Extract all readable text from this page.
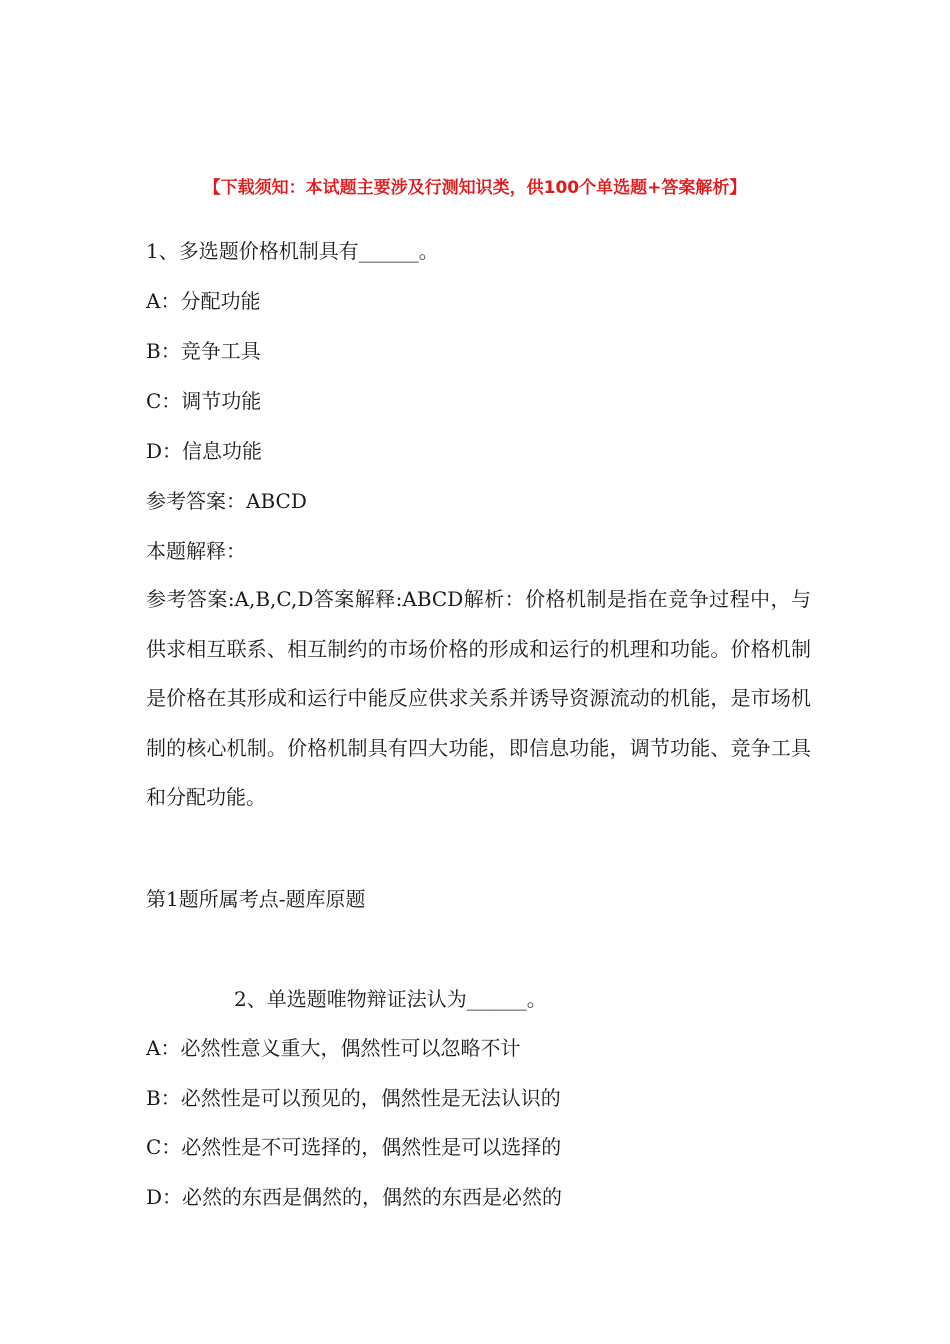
【下载须知：本试题主要涉及行测知识类，供100个单选题+答案解析】
1、多选题价格机制具有______。
A：分配功能
B：竞争工具
C：调节功能
D：信息功能
参考答案：ABCD
本题解释：
参考答案:A,B,C,D答案解释:ABCD解析：价格机制是指在竞争过程中，与供求相互联系、相互制约的市场价格的形成和运行的机理和功能。价格机制是价格在其形成和运行中能反应供求关系并诱导资源流动的机能，是市场机制的核心机制。价格机制具有四大功能，即信息功能，调节功能、竞争工具和分配功能。
第1题所属考点-题库原题
2、单选题唯物辩证法认为______。
A：必然性意义重大，偶然性可以忽略不计
B：必然性是可以预见的，偶然性是无法认识的
C：必然性是不可选择的，偶然性是可以选择的
D：必然的东西是偶然的，偶然的东西是必然的
